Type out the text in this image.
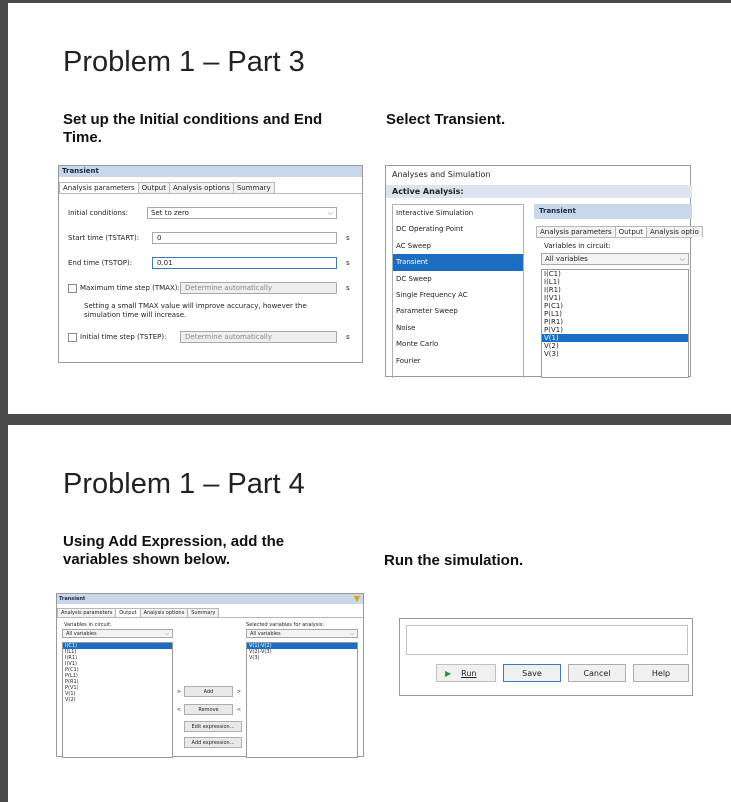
Problem 1 – Part 3
Set up the Initial conditions and End Time.
Select Transient.
Transient
Analysis parameters	Output	Analysis options	Summary
Initial conditions:	Set to zero	⌵
Start time (TSTART):	0	s
End time (TSTOP):	0.01	s
Maximum time step (TMAX): Determine automatically	s
Setting a small TMAX value will improve accuracy, however the simulation time will increase.
Initial time step (TSTEP):	Determine automatically	s
Analyses and Simulation
Active Analysis:
Interactive Simulation
DC Operating Point
AC Sweep
Transient
DC Sweep
Single Frequency AC
Parameter Sweep
Noise
Monte Carlo
Fourier
Transient
Analysis parameters	Output	Analysis optio
Variables in circuit:
All variables	⌵
I(C1)
I(L1)
I(R1)
I(V1)
P(C1)
P(L1)
P(R1)
P(V1)
V(1)
V(2)
V(3)
Problem 1 – Part 4
Using Add Expression, add the variables shown below.	Run the simulation.
Transient	▼
Analysis parameters	Output	Analysis options	Summary
Variables in circuit:
All variables	⌵
I(C1)
I(L1)
I(R1)
I(V1)
P(C1)
P(L1)
P(R1)
P(V1)
V(1)
V(2)
Selected variables for analysis:
All variables	⌵
V(1)-V(2)
V(2)-V(3)
V(3)
>	Add	>
<	Remove	<
Edit expression...
Add expression...
▶ Run	Save	Cancel	Help
